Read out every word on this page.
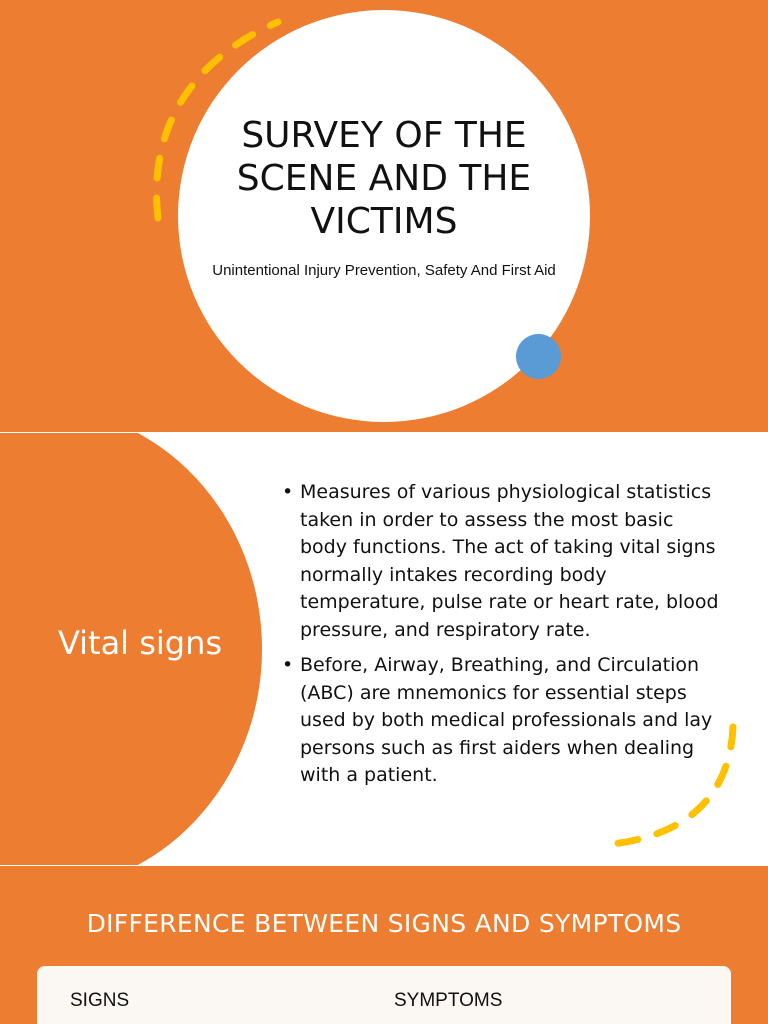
SURVEY OF THE SCENE AND THE VICTIMS

Unintentional Injury Prevention, Safety And First Aid

Vital signs
• Measures of various physiological statistics taken in order to assess the most basic body functions. The act of taking vital signs normally intakes recording body temperature, pulse rate or heart rate, blood pressure, and respiratory rate.
• Before, Airway, Breathing, and Circulation (ABC) are mnemonics for essential steps used by both medical professionals and lay persons such as first aiders when dealing with a patient.
DIFFERENCE BETWEEN SIGNS AND SYMPTOMS
SIGNS	SYMPTOMS
